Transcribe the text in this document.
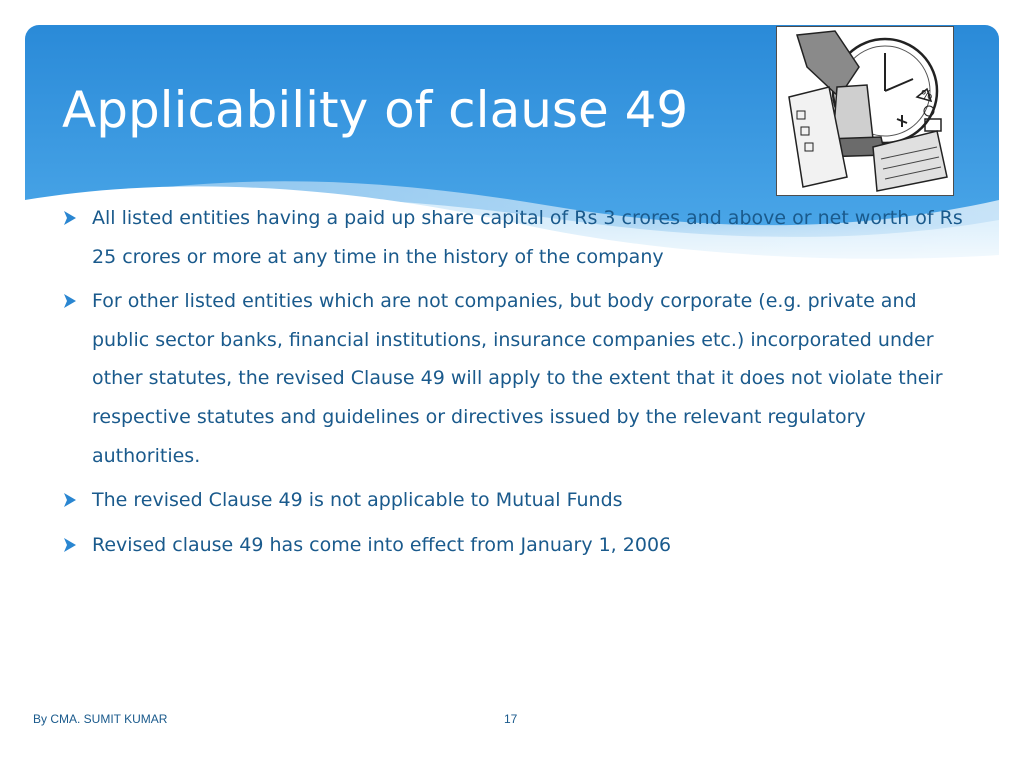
Applicability of clause 49	%
All listed entities having a paid up share capital of Rs 3 crores and above or net worth of Rs 25 crores or more at any time in the history of the company
For other listed entities which are not companies, but body corporate (e.g. private and public sector banks, financial institutions, insurance companies etc.) incorporated under other statutes, the revised Clause 49 will apply to the extent that it does not violate their respective statutes and guidelines or directives issued by the relevant regulatory authorities.
The revised Clause 49 is not applicable to Mutual Funds
Revised clause 49 has come into effect from January 1, 2006
By CMA. SUMIT KUMAR	17
